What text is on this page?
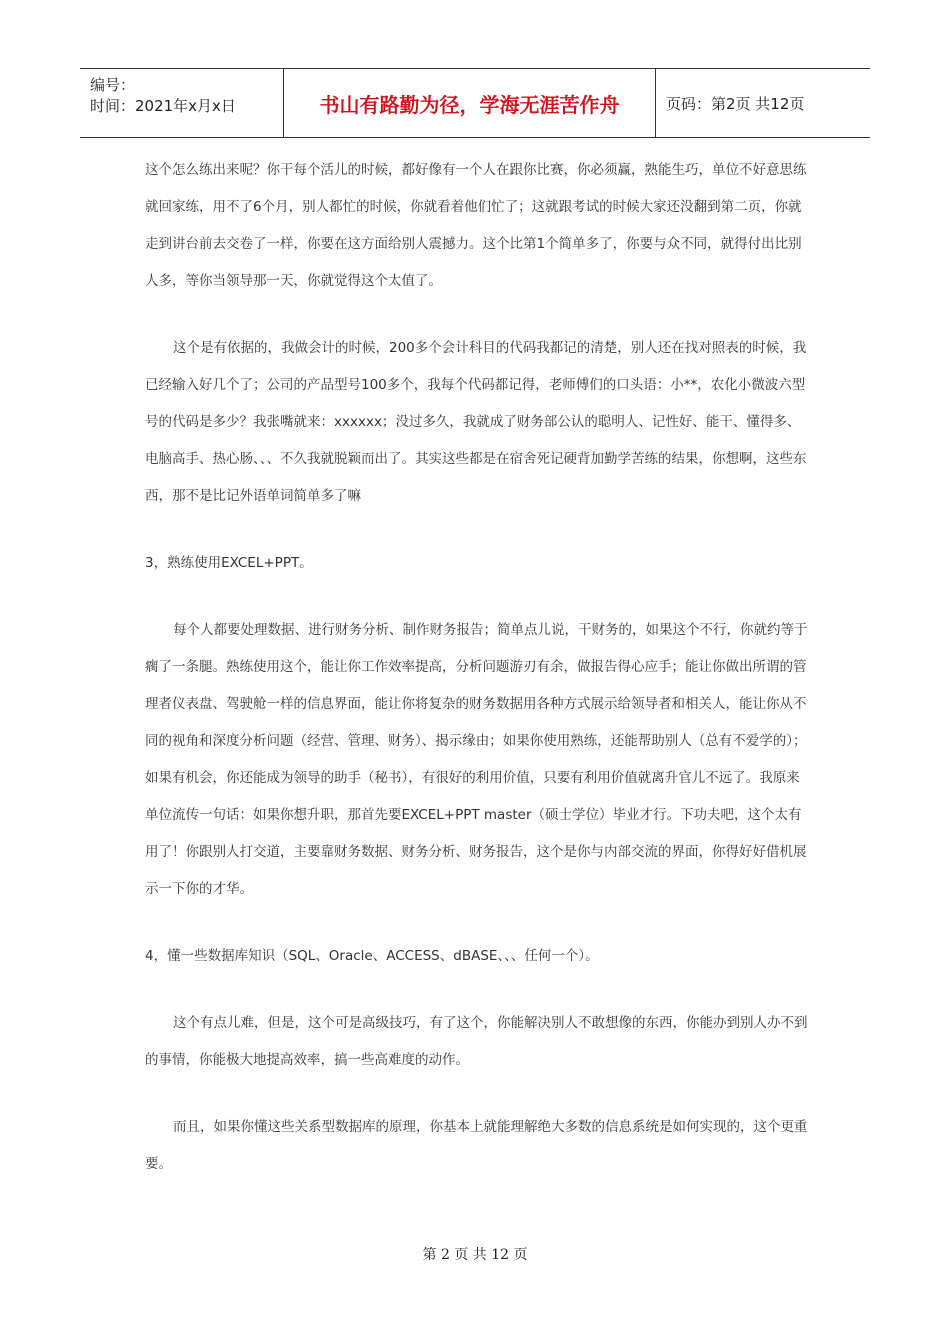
编号：
时间：2021年x月x日	书山有路勤为径，学海无涯苦作舟	页码：第2页 共12页

这个怎么练出来呢？你干每个活儿的时候，都好像有一个人在跟你比赛，你必须赢，熟能生巧，单位不好意思练就回家练，用不了6个月，别人都忙的时候，你就看着他们忙了；这就跟考试的时候大家还没翻到第二页，你就走到讲台前去交卷了一样，你要在这方面给别人震撼力。这个比第1个简单多了，你要与众不同，就得付出比别人多，等你当领导那一天，你就觉得这个太值了。

这个是有依据的，我做会计的时候，200多个会计科目的代码我都记的清楚，别人还在找对照表的时候，我已经输入好几个了；公司的产品型号100多个，我每个代码都记得，老师傅们的口头语：小**，农化小微波六型号的代码是多少？我张嘴就来：xxxxxx；没过多久，我就成了财务部公认的聪明人、记性好、能干、懂得多、电脑高手、热心肠、、、不久我就脱颖而出了。其实这些都是在宿舍死记硬背加勤学苦练的结果，你想啊，这些东西，那不是比记外语单词简单多了嘛

3，熟练使用EXCEL+PPT。

每个人都要处理数据、进行财务分析、制作财务报告；简单点儿说，干财务的，如果这个不行，你就约等于瘸了一条腿。熟练使用这个，能让你工作效率提高，分析问题游刃有余，做报告得心应手；能让你做出所谓的管理者仪表盘、驾驶舱一样的信息界面，能让你将复杂的财务数据用各种方式展示给领导者和相关人，能让你从不同的视角和深度分析问题（经营、管理、财务）、揭示缘由；如果你使用熟练，还能帮助别人（总有不爱学的）；如果有机会，你还能成为领导的助手（秘书），有很好的利用价值，只要有利用价值就离升官儿不远了。我原来单位流传一句话：如果你想升职，那首先要EXCEL+PPT master（硕士学位）毕业才行。下功夫吧，这个太有用了！你跟别人打交道，主要靠财务数据、财务分析、财务报告，这个是你与内部交流的界面，你得好好借机展示一下你的才华。

4，懂一些数据库知识（SQL、Oracle、ACCESS、dBASE、、、任何一个）。

这个有点儿难，但是，这个可是高级技巧，有了这个，你能解决别人不敢想像的东西，你能办到别人办不到的事情，你能极大地提高效率，搞一些高难度的动作。

而且，如果你懂这些关系型数据库的原理，你基本上就能理解绝大多数的信息系统是如何实现的，这个更重要。

第 2 页 共 12 页
